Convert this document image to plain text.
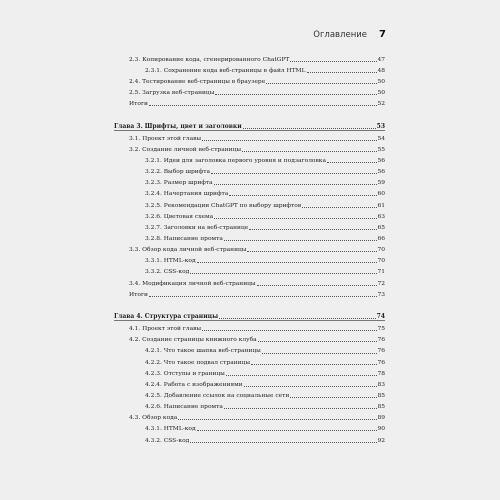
Оглавление 7
2.3. Копирование кода, сгенерированного ChatGPT	47
2.3.1. Сохранение кода веб-страницы в файл HTML	48
2.4. Тестирование веб-страницы в браузере	50
2.5. Загрузка веб-страницы	50
Итоги	52
Глава 3. Шрифты, цвет и заголовки	53
3.1. Проект этой главы	54
3.2. Создание личной веб-страницы	55
3.2.1. Идеи для заголовка первого уровня и подзаголовка	56
3.2.2. Выбор шрифта	56
3.2.3. Размер шрифта	59
3.2.4. Начертания шрифта	60
3.2.5. Рекомендации ChatGPT по выбору шрифтов	61
3.2.6. Цветовая схема	63
3.2.7. Заголовки на веб-странице	65
3.2.8. Написание промта	66
3.3. Обзор кода личной веб-страницы	70
3.3.1. HTML-код	70
3.3.2. CSS-код	71
3.4. Модификация личной веб-страницы	72
Итоги	73
Глава 4. Структура страницы	74
4.1. Проект этой главы	75
4.2. Создание страницы книжного клуба	76
4.2.1. Что такое шапка веб-страницы	76
4.2.2. Что такое подвал страницы	76
4.2.3. Отступы и границы	78
4.2.4. Работа с изображениями	83
4.2.5. Добавление ссылок на социальные сети	85
4.2.6. Написание промта	85
4.3. Обзор кода	89
4.3.1. HTML-код	90
4.3.2. CSS-код	92
